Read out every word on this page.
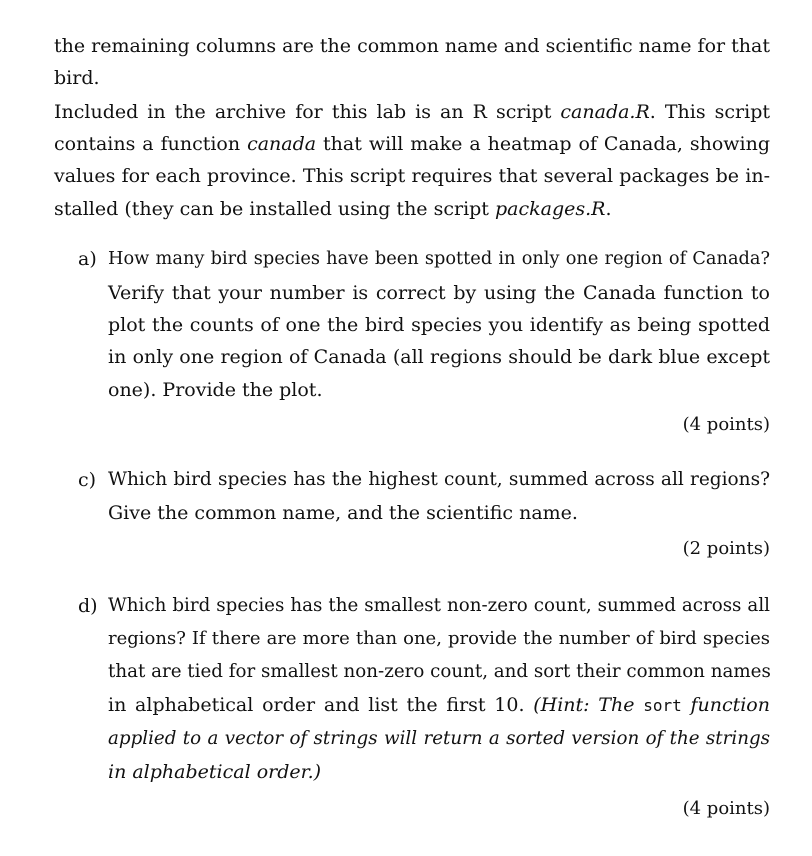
the remaining columns are the common name and scientific name for that
bird.
Included in the archive for this lab is an R script canada.R. This script
contains a function canada that will make a heatmap of Canada, showing
values for each province. This script requires that several packages be in-
stalled (they can be installed using the script packages.R.
a) How many bird species have been spotted in only one region of Canada?
Verify that your number is correct by using the Canada function to
plot the counts of one the bird species you identify as being spotted
in only one region of Canada (all regions should be dark blue except
one). Provide the plot.
(4 points)
c) Which bird species has the highest count, summed across all regions?
Give the common name, and the scientific name.
(2 points)
d) Which bird species has the smallest non-zero count, summed across all
regions? If there are more than one, provide the number of bird species
that are tied for smallest non-zero count, and sort their common names
in alphabetical order and list the first 10. (Hint: The sort function
applied to a vector of strings will return a sorted version of the strings
in alphabetical order.)
(4 points)
